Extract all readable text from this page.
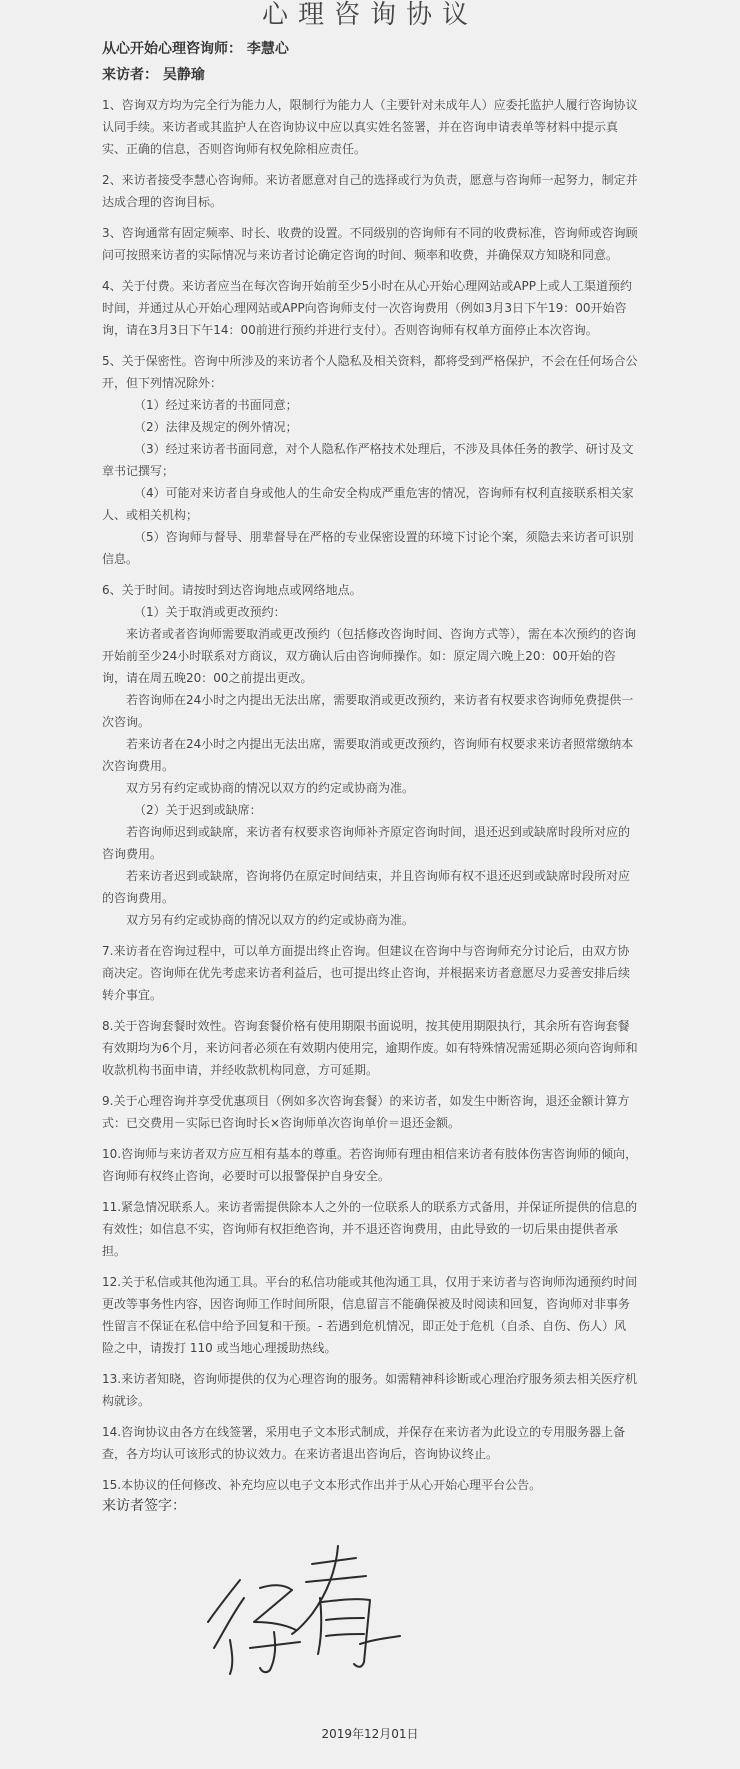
心理咨询协议
从心开始心理咨询师： 李慧心
来访者： 吴静瑜

1、咨询双方均为完全行为能力人，限制行为能力人（主要针对未成年人）应委托监护人履行咨询协议认同手续。来访者或其监护人在咨询协议中应以真实姓名签署，并在咨询申请表单等材料中提示真实、正确的信息，否则咨询师有权免除相应责任。

2、来访者接受李慧心咨询师。来访者愿意对自己的选择或行为负责，愿意与咨询师一起努力，制定并达成合理的咨询目标。

3、咨询通常有固定频率、时长、收费的设置。不同级别的咨询师有不同的收费标准，咨询师或咨询顾问可按照来访者的实际情况与来访者讨论确定咨询的时间、频率和收费，并确保双方知晓和同意。

4、关于付费。来访者应当在每次咨询开始前至少5小时在从心开始心理网站或APP上或人工渠道预约时间，并通过从心开始心理网站或APP向咨询师支付一次咨询费用（例如3月3日下午19：00开始咨询，请在3月3日下午14：00前进行预约并进行支付）。否则咨询师有权单方面停止本次咨询。

5、关于保密性。咨询中所涉及的来访者个人隐私及相关资料，都将受到严格保护，不会在任何场合公开，但下列情况除外：

（1）经过来访者的书面同意；

（2）法律及规定的例外情况；

（3）经过来访者书面同意，对个人隐私作严格技术处理后，不涉及具体任务的教学、研讨及文章书记撰写；

（4）可能对来访者自身或他人的生命安全构成严重危害的情况，咨询师有权利直接联系相关家人、或相关机构；

（5）咨询师与督导、朋辈督导在严格的专业保密设置的环境下讨论个案，须隐去来访者可识别信息。

6、关于时间。请按时到达咨询地点或网络地点。

（1）关于取消或更改预约：

来访者或者咨询师需要取消或更改预约（包括修改咨询时间、咨询方式等），需在本次预约的咨询开始前至少24小时联系对方商议，双方确认后由咨询师操作。如：原定周六晚上20：00开始的咨询，请在周五晚20：00之前提出更改。

若咨询师在24小时之内提出无法出席，需要取消或更改预约，来访者有权要求咨询师免费提供一次咨询。

若来访者在24小时之内提出无法出席，需要取消或更改预约，咨询师有权要求来访者照常缴纳本次咨询费用。

双方另有约定或协商的情况以双方的约定或协商为准。

（2）关于迟到或缺席：

若咨询师迟到或缺席，来访者有权要求咨询师补齐原定咨询时间，退还迟到或缺席时段所对应的咨询费用。

若来访者迟到或缺席，咨询将仍在原定时间结束，并且咨询师有权不退还迟到或缺席时段所对应的咨询费用。

双方另有约定或协商的情况以双方的约定或协商为准。

7.来访者在咨询过程中，可以单方面提出终止咨询。但建议在咨询中与咨询师充分讨论后，由双方协商决定。咨询师在优先考虑来访者利益后，也可提出终止咨询，并根据来访者意愿尽力妥善安排后续转介事宜。

8.关于咨询套餐时效性。咨询套餐价格有使用期限书面说明，按其使用期限执行，其余所有咨询套餐有效期均为6个月，来访问者必须在有效期内使用完，逾期作废。如有特殊情况需延期必须向咨询师和收款机构书面申请，并经收款机构同意，方可延期。

9.关于心理咨询并享受优惠项目（例如多次咨询套餐）的来访者，如发生中断咨询，退还金额计算方式：已交费用－实际已咨询时长×咨询师单次咨询单价＝退还金额。

10.咨询师与来访者双方应互相有基本的尊重。若咨询师有理由相信来访者有肢体伤害咨询师的倾向，咨询师有权终止咨询，必要时可以报警保护自身安全。

11.紧急情况联系人。来访者需提供除本人之外的一位联系人的联系方式备用，并保证所提供的信息的有效性；如信息不实，咨询师有权拒绝咨询，并不退还咨询费用，由此导致的一切后果由提供者承担。

12.关于私信或其他沟通工具。平台的私信功能或其他沟通工具，仅用于来访者与咨询师沟通预约时间更改等事务性内容，因咨询师工作时间所限，信息留言不能确保被及时阅读和回复，咨询师对非事务性留言不保证在私信中给予回复和干预。- 若遇到危机情况，即正处于危机（自杀、自伤、伤人）风险之中，请拨打 110 或当地心理援助热线。

13.来访者知晓，咨询师提供的仅为心理咨询的服务。如需精神科诊断或心理治疗服务须去相关医疗机构就诊。

14.咨询协议由各方在线签署，采用电子文本形式制成，并保存在来访者为此设立的专用服务器上备查，各方均认可该形式的协议效力。在来访者退出咨询后，咨询协议终止。

15.本协议的任何修改、补充均应以电子文本形式作出并于从心开始心理平台公告。

来访者签字：
2019年12月01日
